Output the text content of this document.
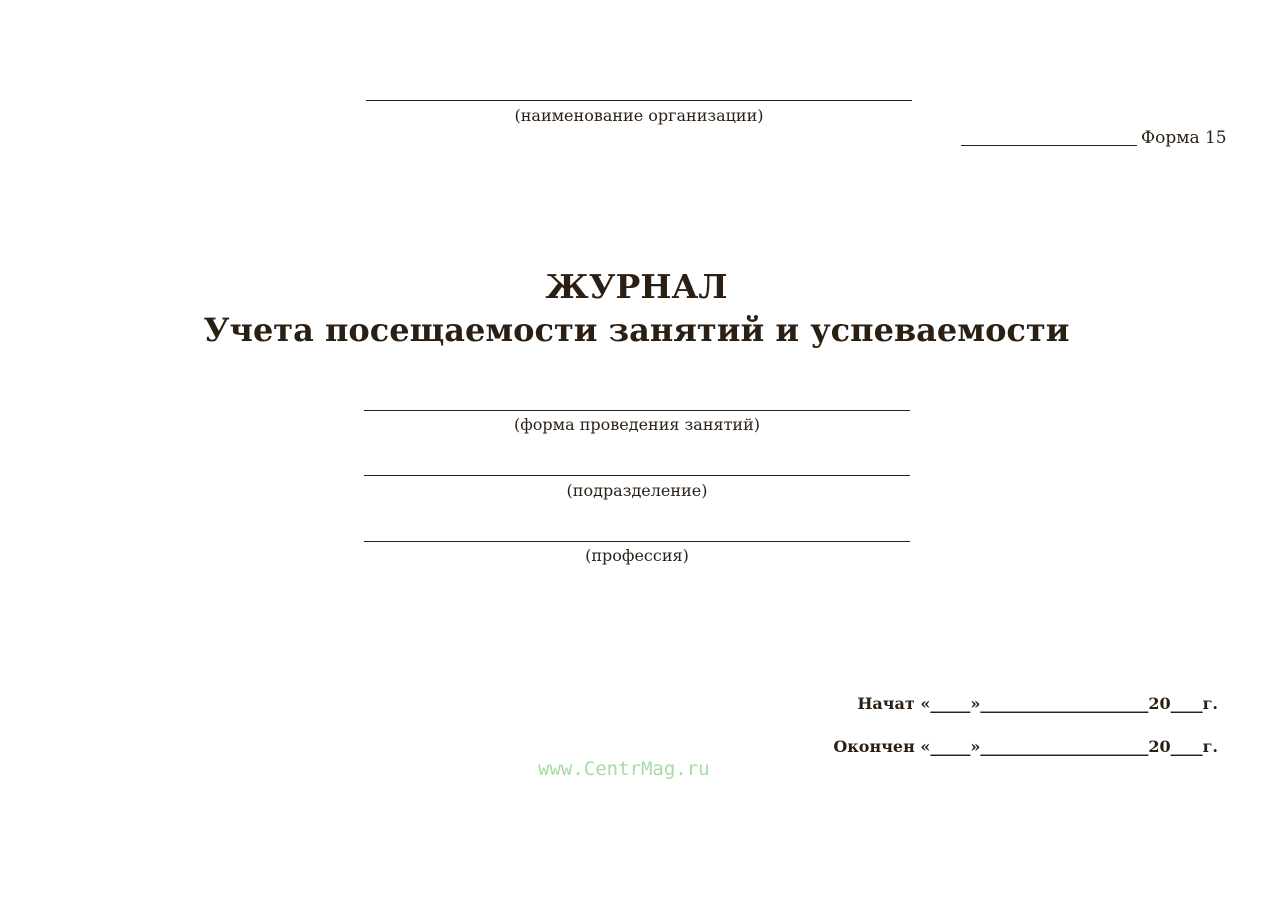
(наименование организации)
Форма 15
ЖУРНАЛ
Учета посещаемости занятий и успеваемости
(форма проведения занятий)
(подразделение)
(профессия)
Начат «_____»_____________________20____г.
Окончен «_____»_____________________20____г.
www.CentrMag.ru
